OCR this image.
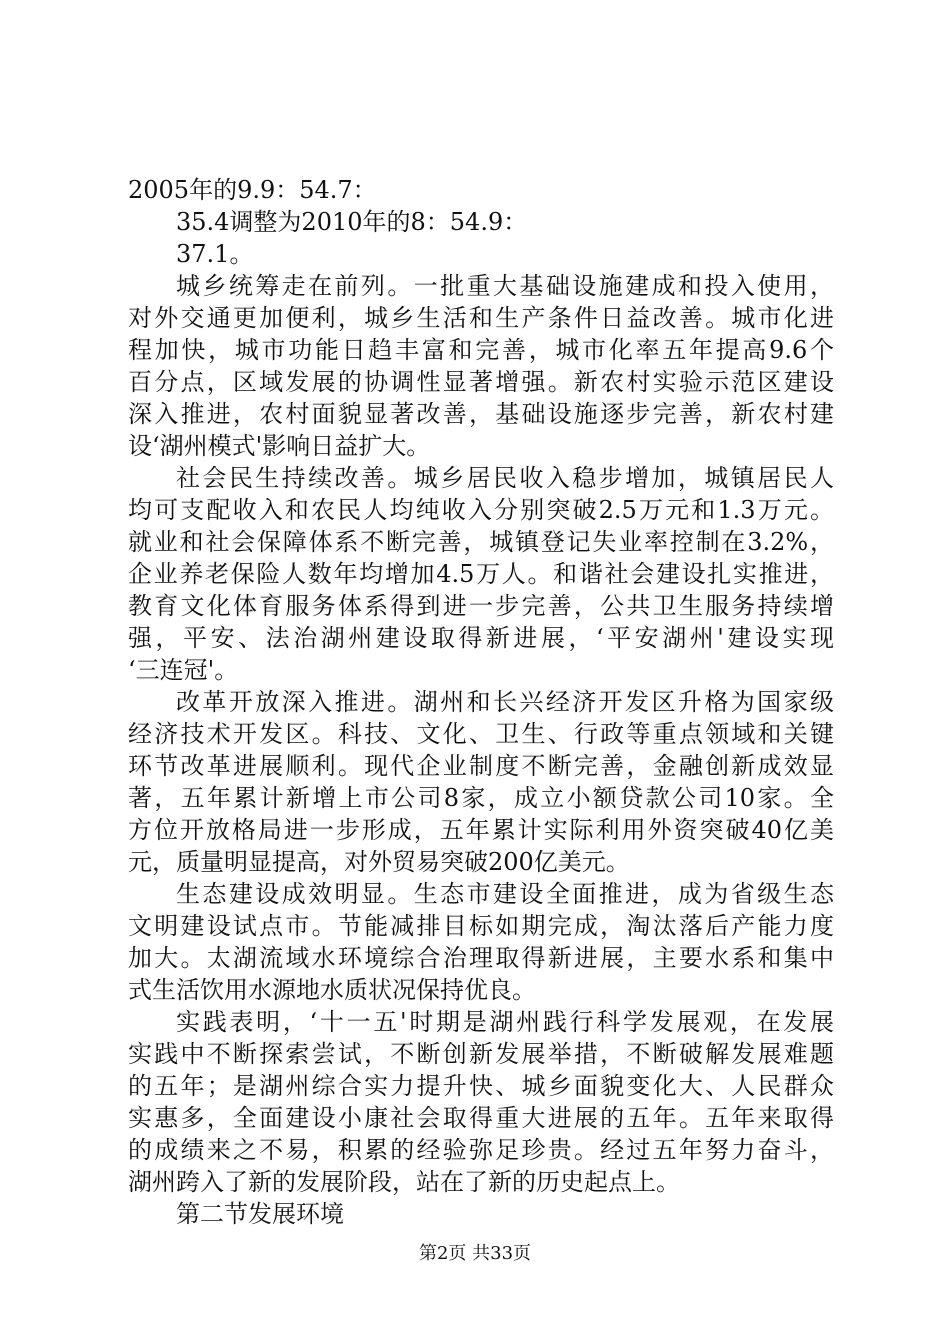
2005年的9.9：54.7：
35.4调整为2010年的8：54.9：
37.1。
城乡统筹走在前列。一批重大基础设施建成和投入使用，
对外交通更加便利，城乡生活和生产条件日益改善。城市化进
程加快，城市功能日趋丰富和完善，城市化率五年提高9.6个
百分点，区域发展的协调性显著增强。新农村实验示范区建设
深入推进，农村面貌显著改善，基础设施逐步完善，新农村建
设‘湖州模式'影响日益扩大。
社会民生持续改善。城乡居民收入稳步增加，城镇居民人
均可支配收入和农民人均纯收入分别突破2.5万元和1.3万元。
就业和社会保障体系不断完善，城镇登记失业率控制在3.2%，
企业养老保险人数年均增加4.5万人。和谐社会建设扎实推进，
教育文化体育服务体系得到进一步完善，公共卫生服务持续增
强，平安、法治湖州建设取得新进展，‘平安湖州'建设实现
‘三连冠'。
改革开放深入推进。湖州和长兴经济开发区升格为国家级
经济技术开发区。科技、文化、卫生、行政等重点领域和关键
环节改革进展顺利。现代企业制度不断完善，金融创新成效显
著，五年累计新增上市公司8家，成立小额贷款公司10家。全
方位开放格局进一步形成，五年累计实际利用外资突破40亿美
元，质量明显提高，对外贸易突破200亿美元。
生态建设成效明显。生态市建设全面推进，成为省级生态
文明建设试点市。节能减排目标如期完成，淘汰落后产能力度
加大。太湖流域水环境综合治理取得新进展，主要水系和集中
式生活饮用水源地水质状况保持优良。
实践表明，‘十一五'时期是湖州践行科学发展观，在发展
实践中不断探索尝试，不断创新发展举措，不断破解发展难题
的五年；是湖州综合实力提升快、城乡面貌变化大、人民群众
实惠多，全面建设小康社会取得重大进展的五年。五年来取得
的成绩来之不易，积累的经验弥足珍贵。经过五年努力奋斗，
湖州跨入了新的发展阶段，站在了新的历史起点上。
第二节发展环境
第2页 共33页
